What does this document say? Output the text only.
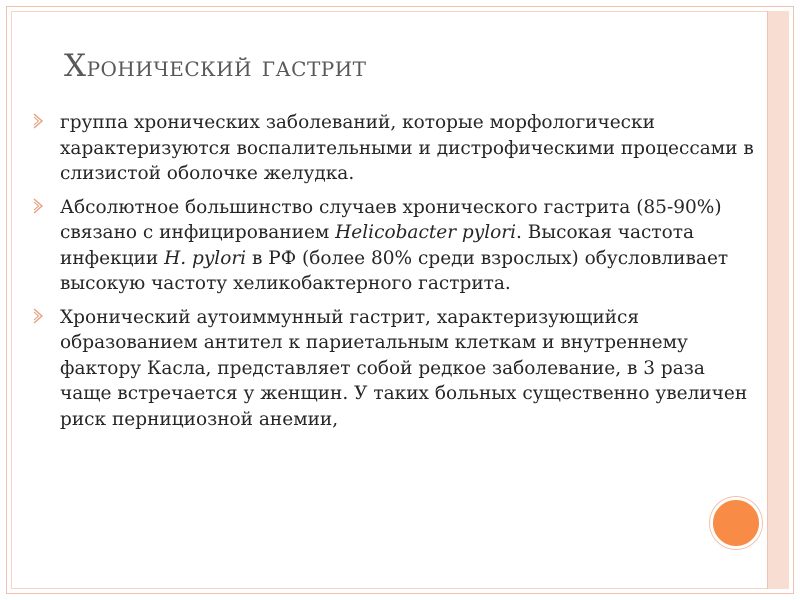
Хронический гастрит
группа хронических заболеваний, которые морфологически характеризуются воспалительными и дистрофическими процессами в слизистой оболочке желудка.
Абсолютное большинство случаев хронического гастрита (85-90%) связано с инфицированием Helicobacter pylori. Высокая частота инфекции H. pylori в РФ (более 80% среди взрослых) обусловливает высокую частоту хеликобактерного гастрита.
Хронический аутоиммунный гастрит, характеризующийся образованием антител к париетальным клеткам и внутреннему фактору Касла, представляет собой редкое заболевание, в 3 раза чаще встречается у женщин. У таких больных существенно увеличен риск пернициозной анемии,
